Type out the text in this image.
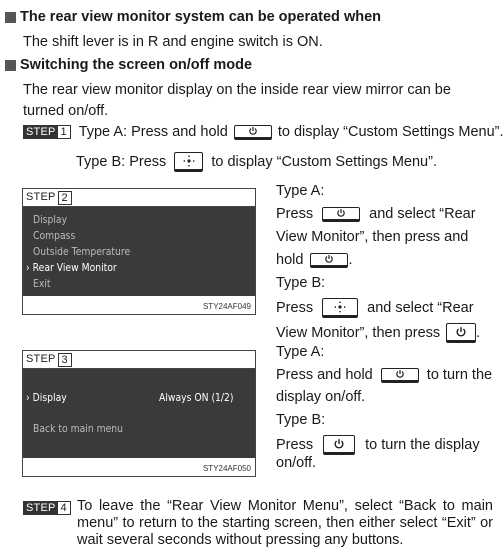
The rear view monitor system can be operated when
The shift lever is in R and engine switch is ON.
Switching the screen on/off mode
The rear view monitor display on the inside rear view mirror can be turned on/off.
STEP 1 Type A: Press and hold	to display “Custom Settings Menu”.
Type B: Press	to display “Custom Settings Menu”.
STEP 2
Display
Compass
Outside Temperature
› Rear View Monitor
Exit
STY24AF049
Type A:
Press	and select “Rear
View Monitor”, then press and
hold	.
Type B:
Press	and select “Rear
View Monitor”, then press .
STEP 3
› Display	Always ON (1/2)
Back to main menu
STY24AF050
Type A:
Press and hold	to turn the
display on/off.
Type B:
Press	to turn the display
on/off.
STEP 4 To leave the “Rear View Monitor Menu”, select “Back to main menu” to return to the starting screen, then either select “Exit” or wait several seconds without pressing any buttons.
